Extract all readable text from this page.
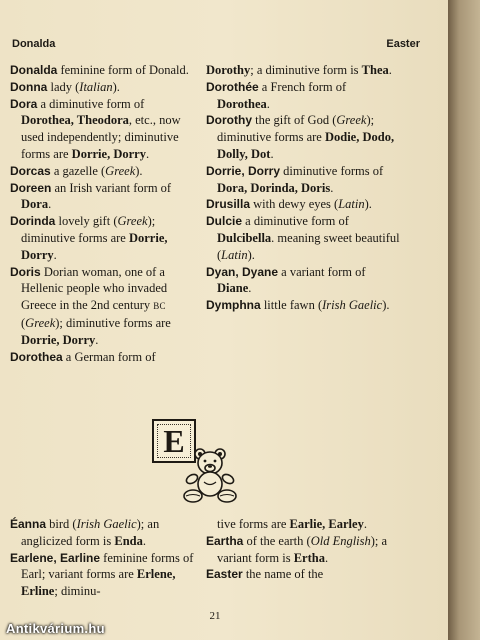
Donalda	Easter
Donalda feminine form of Donald.
Donna lady (Italian).
Dora a diminutive form of Dorothea, Theodora, etc., now used independently; diminutive forms are Dorrie, Dorry.
Dorcas a gazelle (Greek).
Doreen an Irish variant form of Dora.
Dorinda lovely gift (Greek); diminutive forms are Dorrie, Dorry.
Doris Dorian woman, one of a Hellenic people who invaded Greece in the 2nd century BC (Greek); diminutive forms are Dorrie, Dorry.
Dorothea a German form of
Dorothy; a diminutive form is Thea.
Dorothée a French form of Dorothea.
Dorothy the gift of God (Greek); diminutive forms are Dodie, Dodo, Dolly, Dot.
Dorrie, Dorry diminutive forms of Dora, Dorinda, Doris.
Drusilla with dewy eyes (Latin).
Dulcie a diminutive form of Dulcibella. meaning sweet beautiful (Latin).
Dyan, Dyane a variant form of Diane.
Dymphna little fawn (Irish Gaelic).
E
Éanna bird (Irish Gaelic); an anglicized form is Enda.
Earlene, Earline feminine forms of Earl; variant forms are Erlene, Erline; diminu-
tive forms are Earlie, Earley.
Eartha of the earth (Old English); a variant form is Ertha.
Easter the name of the
21
Antikvárium.hu
